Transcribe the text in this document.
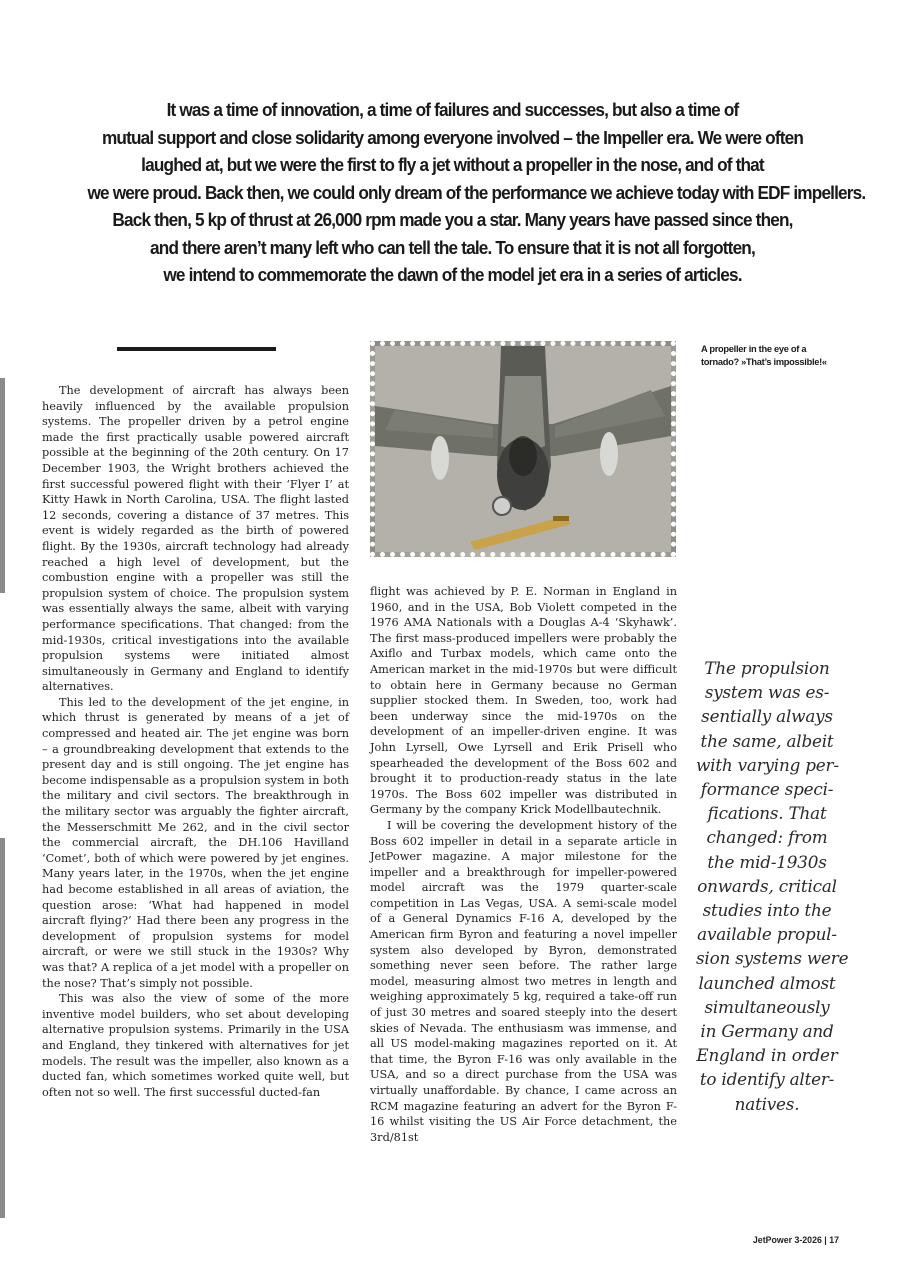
It was a time of innovation, a time of failures and successes, but also a time of
mutual support and close solidarity among everyone involved – the Impeller era. We were often
laughed at, but we were the first to fly a jet without a propeller in the nose, and of that
we were proud. Back then, we could only dream of the performance we achieve today with EDF impellers.
Back then, 5 kp of thrust at 26,000 rpm made you a star. Many years have passed since then,
and there aren’t many left who can tell the tale. To ensure that it is not all forgotten,
we intend to commemorate the dawn of the model jet era in a series of articles.

The development of aircraft has always been heavily influenced by the available propulsion systems. The propeller driven by a petrol engine made the first practically usable powered aircraft possible at the beginning of the 20th century. On 17 December 1903, the Wright brothers achieved the first successful powered flight with their ‘Flyer I’ at Kitty Hawk in North Carolina, USA. The flight lasted 12 seconds, covering a distance of 37 metres. This event is widely regarded as the birth of powered flight. By the 1930s, aircraft technology had already reached a high level of development, but the combustion engine with a propeller was still the propulsion system of choice. The propulsion system was essentially always the same, albeit with varying performance specifications. That changed: from the mid-1930s, critical investigations into the available propulsion systems were initiated almost simultaneously in Germany and England to identify alternatives.

This led to the development of the jet engine, in which thrust is generated by means of a jet of compressed and heated air. The jet engine was born – a groundbreaking development that extends to the present day and is still ongoing. The jet engine has become indispensable as a propulsion system in both the military and civil sectors. The breakthrough in the military sector was arguably the fighter aircraft, the Messerschmitt Me 262, and in the civil sector the commercial aircraft, the DH.106 Havilland ‘Comet’, both of which were powered by jet engines. Many years later, in the 1970s, when the jet engine had become established in all areas of aviation, the question arose: ‘What had happened in model aircraft flying?’ Had there been any progress in the development of propulsion systems for model aircraft, or were we still stuck in the 1930s? Why was that? A replica of a jet model with a propeller on the nose? That’s simply not possible.

This was also the view of some of the more inventive model builders, who set about developing alternative propulsion systems. Primarily in the USA and England, they tinkered with alternatives for jet models. The result was the impeller, also known as a ducted fan, which sometimes worked quite well, but often not so well. The first successful ducted-fan

A propeller in the eye of a tornado? »That’s impossible!«

flight was achieved by P. E. Norman in England in 1960, and in the USA, Bob Violett competed in the 1976 AMA Nationals with a Douglas A-4 ‘Skyhawk’. The first mass-produced impellers were probably the Axiflo and Turbax models, which came onto the American market in the mid-1970s but were difficult to obtain here in Germany because no German supplier stocked them. In Sweden, too, work had been underway since the mid-1970s on the development of an impeller-driven engine. It was John Lyrsell, Owe Lyrsell and Erik Prisell who spearheaded the development of the Boss 602 and brought it to production-ready status in the late 1970s. The Boss 602 impeller was distributed in Germany by the company Krick Modellbautechnik.

I will be covering the development history of the Boss 602 impeller in detail in a separate article in JetPower magazine. A major milestone for the impeller and a breakthrough for impeller-powered model aircraft was the 1979 quarter-scale competition in Las Vegas, USA. A semi-scale model of a General Dynamics F-16 A, developed by the American firm Byron and featuring a novel impeller system also developed by Byron, demonstrated something never seen before. The rather large model, measuring almost two metres in length and weighing approximately 5 kg, required a take-off run of just 30 metres and soared steeply into the desert skies of Nevada. The enthusiasm was immense, and all US model-making magazines reported on it. At that time, the Byron F-16 was only available in the USA, and so a direct purchase from the USA was virtually unaffordable. By chance, I came across an RCM magazine featuring an advert for the Byron F-16 whilst visiting the US Air Force detachment, the 3rd/81st

The propulsion
system was es-
sentially always
the same, albeit
with varying per-
formance speci-
fications. That
changed: from
the mid-1930s
onwards, critical
studies into the
available propul-
sion systems were
launched almost
simultaneously
in Germany and
England in order
to identify alter-
natives.
JetPower 3-2026 | 17
